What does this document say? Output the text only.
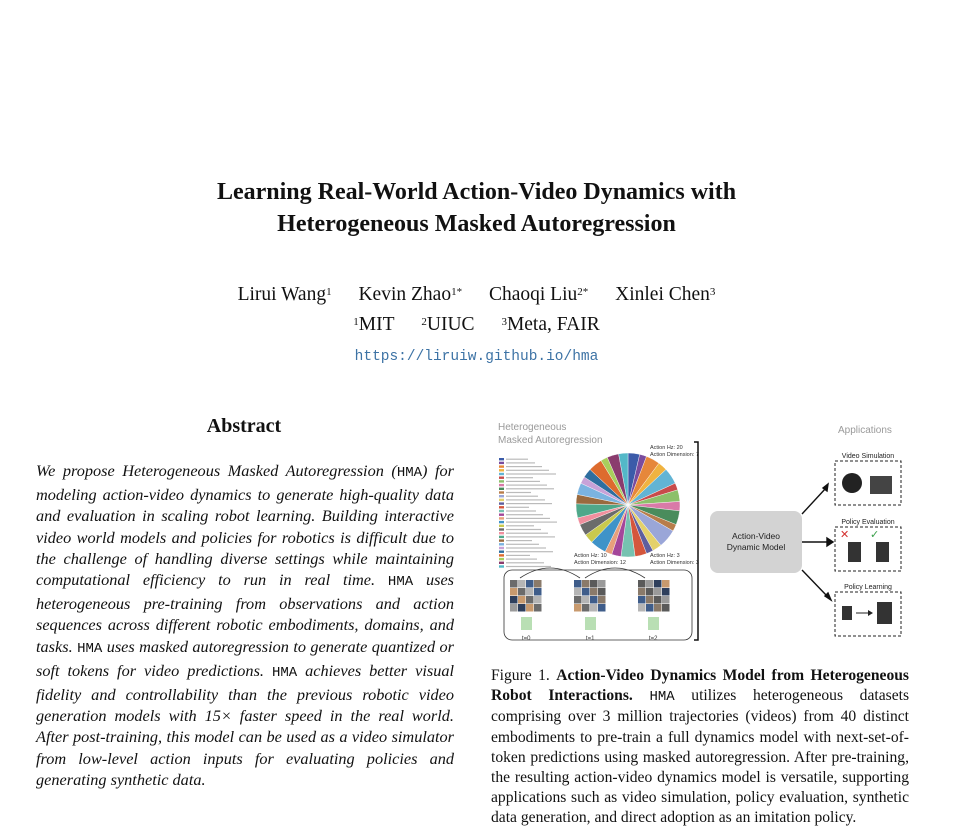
Learning Real-World Action-Video Dynamics with
Heterogeneous Masked Autoregression
Lirui Wang$^1$ Kevin Zhao$^{1*}$ Chaoqi Liu$^{2*}$ Xinlei Chen$^3$
$^1$MIT $^2$UIUC $^3$Meta, FAIR
https://liruiw.github.io/hma
Abstract
We propose Heterogeneous Masked Autoregression (HMA) for modeling action-video dynamics to generate high-quality data and evaluation in scaling robot learning. Building interactive video world models and policies for robotics is difficult due to the challenge of handling diverse settings while maintaining computational efficiency to run in real time. HMA uses heterogeneous pre-training from observations and action sequences across different robotic embodiments, domains, and tasks. HMA uses masked autoregression to generate quantized or soft tokens for video predictions. HMA achieves better visual fidelity and controllability than the previous robotic video generation models with 15× faster speed in the real world. After post-training, this model can be used as a video simulator from low-level action inputs for evaluating policies and generating synthetic data.
Heterogeneous
Masked Autoregression
Applications
Action Hz: 20
Action Dimension: 7
Action Hz: 10
Action Dimension: 12
Action Hz: 3
Action Dimension: 3
t=0	t=1	t=2
Action-Video
Dynamic Model
Video Simulation
Policy Evaluation
✕ ✓
Policy Learning
Figure 1. Action-Video Dynamics Model from Heterogeneous Robot Interactions. HMA utilizes heterogeneous datasets comprising over 3 million trajectories (videos) from 40 distinct embodiments to pre-train a full dynamics model with next-set-of-token predictions using masked autoregression. After pre-training, the resulting action-video dynamics model is versatile, supporting applications such as video simulation, policy evaluation, synthetic data generation, and direct adoption as an imitation policy.
